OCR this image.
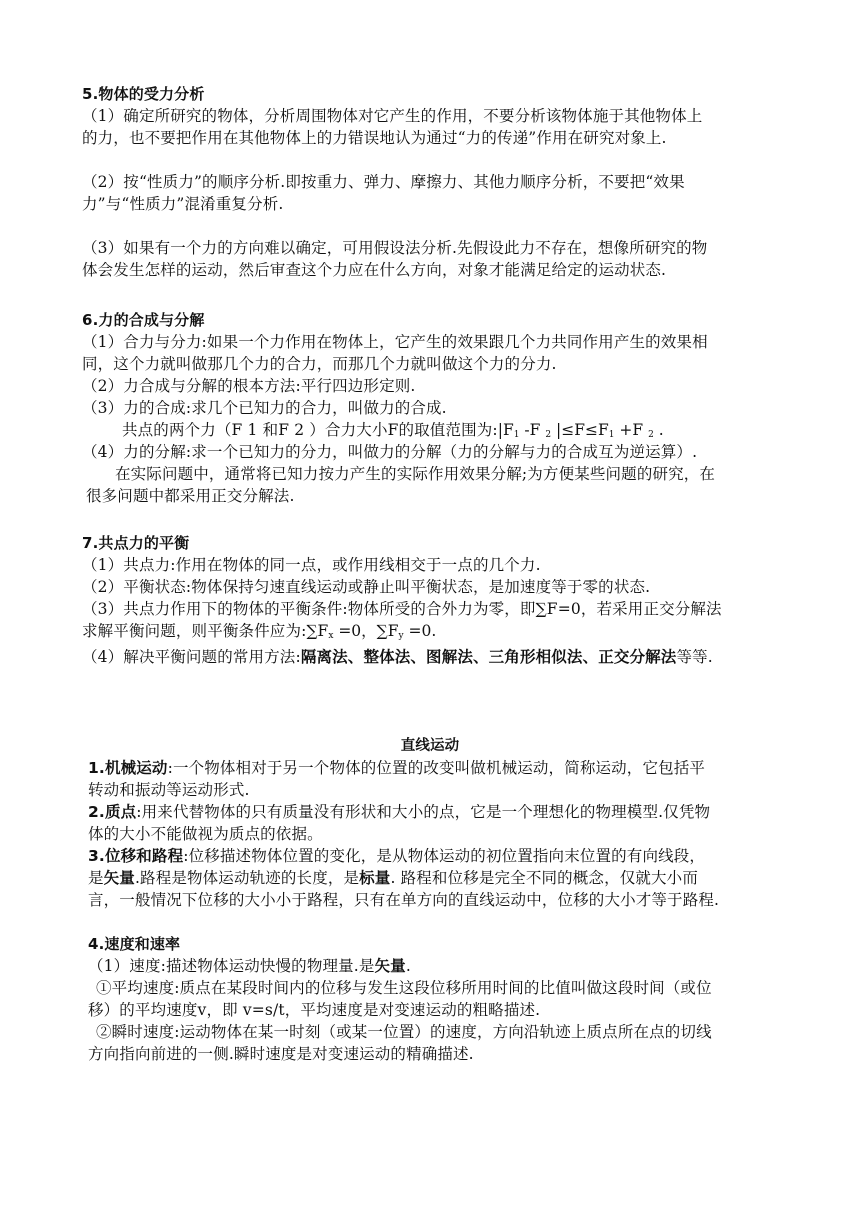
5.物体的受力分析
（1）确定所研究的物体，分析周围物体对它产生的作用，不要分析该物体施于其他物体上
的力，也不要把作用在其他物体上的力错误地认为通过“力的传递”作用在研究对象上.
（2）按“性质力”的顺序分析.即按重力、弹力、摩擦力、其他力顺序分析，不要把“效果
力”与“性质力”混淆重复分析.
（3）如果有一个力的方向难以确定，可用假设法分析.先假设此力不存在，想像所研究的物
体会发生怎样的运动，然后审查这个力应在什么方向，对象才能满足给定的运动状态.
6.力的合成与分解
（1）合力与分力:如果一个力作用在物体上，它产生的效果跟几个力共同作用产生的效果相
同，这个力就叫做那几个力的合力，而那几个力就叫做这个力的分力.
（2）力合成与分解的根本方法:平行四边形定则.
（3）力的合成:求几个已知力的合力，叫做力的合成.
共点的两个力（F 1 和F 2 ）合力大小F的取值范围为$:|F_1$ -F $_2$ $|\le F\le F_1 +F$ $_2$ .
（4）力的分解:求一个已知力的分力，叫做力的分解（力的分解与力的合成互为逆运算）.
在实际问题中，通常将已知力按力产生的实际作用效果分解;为方便某些问题的研究，在
很多问题中都采用正交分解法.
7.共点力的平衡
（1）共点力:作用在物体的同一点，或作用线相交于一点的几个力.
（2）平衡状态:物体保持匀速直线运动或静止叫平衡状态，是加速度等于零的状态.
（3）共点力作用下的物体的平衡条件:物体所受的合外力为零，即∑F=0，若采用正交分解法
求解平衡问题，则平衡条件应为$:\sum F_x =0$，$\sum F_y =0$.
（4）解决平衡问题的常用方法:隔离法、整体法、图解法、三角形相似法、正交分解法等等.
直线运动
1.机械运动:一个物体相对于另一个物体的位置的改变叫做机械运动，简称运动，它包括平
转动和振动等运动形式.
2.质点:用来代替物体的只有质量没有形状和大小的点，它是一个理想化的物理模型.仅凭物
体的大小不能做视为质点的依据。
3.位移和路程:位移描述物体位置的变化，是从物体运动的初位置指向末位置的有向线段，
是矢量.路程是物体运动轨迹的长度，是标量. 路程和位移是完全不同的概念，仅就大小而
言，一般情况下位移的大小小于路程，只有在单方向的直线运动中，位移的大小才等于路程.
4.速度和速率
（1）速度:描述物体运动快慢的物理量.是矢量.
①平均速度:质点在某段时间内的位移与发生这段位移所用时间的比值叫做这段时间（或位
移）的平均速度v，即 v=s/t，平均速度是对变速运动的粗略描述.
②瞬时速度:运动物体在某一时刻（或某一位置）的速度，方向沿轨迹上质点所在点的切线
方向指向前进的一侧.瞬时速度是对变速运动的精确描述.
